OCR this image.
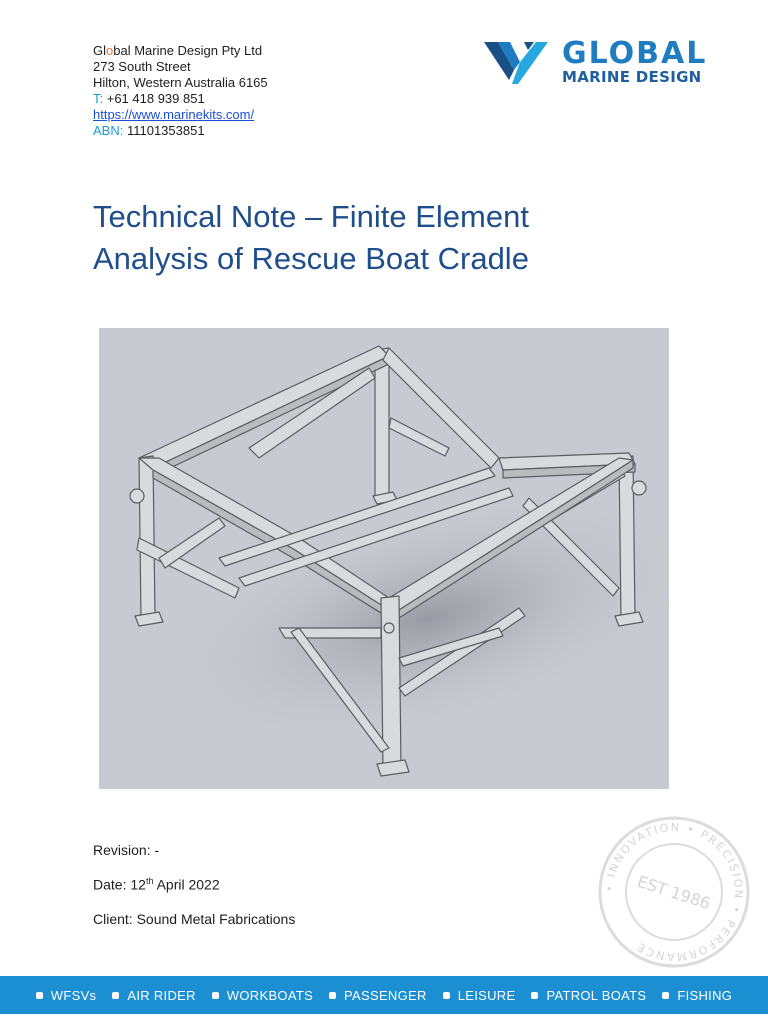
Global Marine Design Pty Ltd
273 South Street
Hilton, Western Australia 6165
T: +61 418 939 851
https://www.marinekits.com/
ABN: 11101353851
GLOBAL
MARINE DESIGN
Technical Note – Finite Element
Analysis of Rescue Boat Cradle
Revision: -
Date: 12th April 2022
Client: Sound Metal Fabrications
• INNOVATION • PRECISION • PERFORMANCE
EST 1986
WFSVs AIR RIDER WORKBOATS PASSENGER LEISURE PATROL BOATS FISHING
